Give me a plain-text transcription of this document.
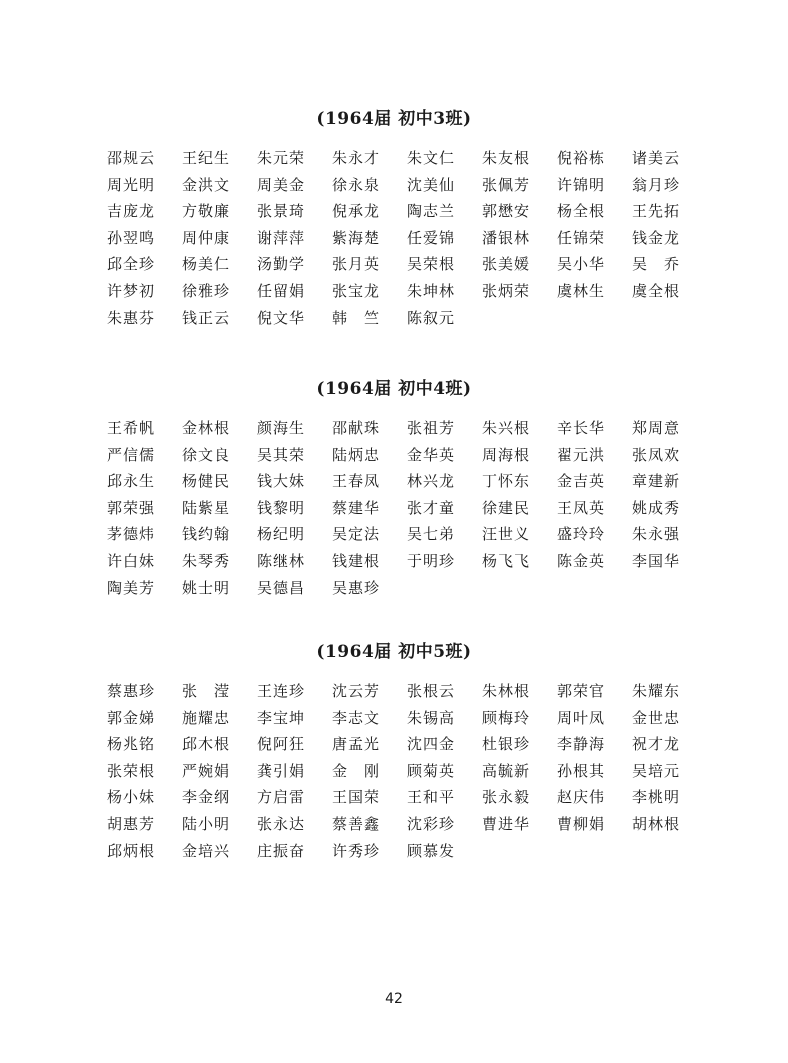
(1964届 初中3班)
邵规云 王纪生 朱元荣 朱永才 朱文仁 朱友根 倪裕栋 诸美云
周光明 金洪文 周美金 徐永泉 沈美仙 张佩芳 许锦明 翁月珍
吉庞龙 方敬廉 张景琦 倪承龙 陶志兰 郭懋安 杨全根 王先拓
孙翌鸣 周仲康 谢萍萍 紫海楚 任爱锦 潘银林 任锦荣 钱金龙
邱全珍 杨美仁 汤勤学 张月英 吴荣根 张美媛 吴小华 吴　乔
许梦初 徐雅珍 任留娟 张宝龙 朱坤林 张炳荣 虞林生 虞全根
朱惠芬 钱正云 倪文华 韩　竺 陈叙元
(1964届 初中4班)
王希帆 金林根 颜海生 邵献珠 张祖芳 朱兴根 辛长华 郑周意
严信儒 徐文良 吴其荣 陆炳忠 金华英 周海根 翟元洪 张凤欢
邱永生 杨健民 钱大妹 王春凤 林兴龙 丁怀东 金吉英 章建新
郭荣强 陆紫星 钱黎明 蔡建华 张才童 徐建民 王凤英 姚成秀
茅德炜 钱约翰 杨纪明 吴定法 吴七弟 汪世义 盛玲玲 朱永强
许白妹 朱琴秀 陈继林 钱建根 于明珍 杨飞飞 陈金英 李国华
陶美芳 姚士明 吴德昌 吴惠珍
(1964届 初中5班)
蔡惠珍 张　滢 王连珍 沈云芳 张根云 朱林根 郭荣官 朱耀东
郭金娣 施耀忠 李宝坤 李志文 朱锡高 顾梅玲 周叶凤 金世忠
杨兆铭 邱木根 倪阿狂 唐孟光 沈四金 杜银珍 李静海 祝才龙
张荣根 严婉娟 龚引娟 金　刚 顾菊英 高毓新 孙根其 吴培元
杨小妹 李金纲 方启雷 王国荣 王和平 张永毅 赵庆伟 李桃明
胡惠芳 陆小明 张永达 蔡善鑫 沈彩珍 曹进华 曹柳娟 胡林根
邱炳根 金培兴 庄振奋 许秀珍 顾慕发
42
